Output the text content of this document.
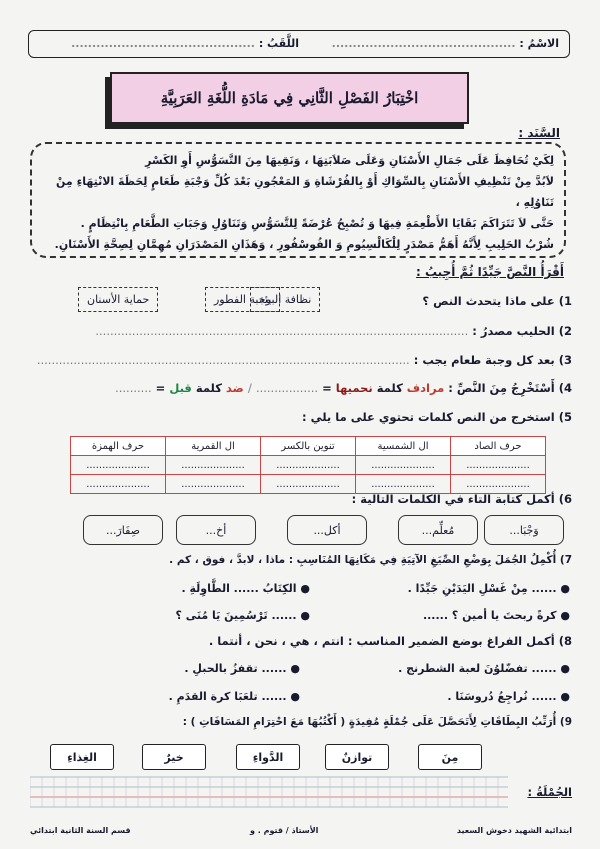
الاسْمُ : ............................................
اللَّقَبُ : ............................................
اخْتِبَارُ الفَصْلِ الثَّانِي فِي مَادَةِ اللُّغَةِ العَرَبِيَّةِ
السَّنَد :

لِكَيْ تُحَافِظَ عَلَى جَمَالِ الأَسْنَانِ وَعَلَى صَلاَبَتِهَا ، وَنَقِيهَا مِنَ التَّسَوُّسِ أَوِ الكَسْرِ

لاَبُدَّ مِنْ تَنْظِيفِ الأَسْنَانِ بِالسِّوَاكِ أَوْ بِالفُرْشَاةِ وَ المَعْجُونِ بَعْدَ كُلِّ وَجْبَةِ طَعَامٍ لِحَظَةَ الانْتِهَاءِ مِنْ تَنَاوُلِهِ ،

حَتَّى لاَ تَتَرَاكَمَ بَقَايَا الأَطْعِمَةِ فِيهَا وَ تُصْبِحُ عُرْضَةً لِلتَّسَوُّسِ وَتَنَاوُلِ وَجَبَاتِ الطَّعَامِ بِانْتِظَامٍ .

شُرْبُ الحَلِيبِ لِأَنَّهُ أَهَمُّ مَصْدَرٍ لِلْكَالْسِيُومِ وَ الفُوسْفُورِ ، وَهَذَانِ المَصْدَرَانِ مُهِمَّانِ لِصِحَّةِ الأَسْنَانِ.

أَقْرَأُ النَّصَّ جَيِّدًا ثُمَّ أُجِيبُ :
1) على ماذا يتحدث النص ؟
نظافة البيئة
وجبة الفطور
حماية الأسنان
2) الحليب مصدرُ : ......................................................................................................
3) بعد كل وجبة طعام يجب : ......................................................................................................
4) أَسْتَخْرِجُ مِنَ النَّصِّ : مرادف كلمة نحميها = ................. / ضد كلمة قبل = ..........
5) استخرج من النص كلمات تحتوي على ما يلي :
حرف الصاد	ال الشمسية	تنوين بالكسر	ال القمرية	حرف الهمزة
....................	....................	....................	....................	....................
....................	....................	....................	....................	....................
6) أكمل كتابة التاء في الكلمات التالية :
وَجْبَا...
مُعلِّم...
أكل...
أخ...
صِفَارَ...
7) أُكْمِلُ الجُمَلَ بِوَضْعِ الصِّيَغِ الآتِيَةِ فِي مَكَانِهَا المُنَاسِبِ : ماذا ، لابدَّ ، فوق ، كم .
● ...... مِنْ غَسْلِ اليَدَيْنِ جَيِّدًا .
● الكِتَابُ ...... الطَّاوِلَةِ .
● كرةً ربحتَ يا أمين ؟ ......
● ...... تَرْسُمِينَ يَا مُنَى ؟
8) أكمل الفراغ بوضع الضمير المناسب : انتم ، هي ، نحن ، أنتما .
● ...... تفضّلوُنَ لعبة الشطرنج .
● ...... تقفزُ بالحبلِ .
● ...... نُراجِعُ دُروسَنَا .
● ...... تلعَبَا كرة القدَمِ .
9) أُرَتِّبُ البِطَاقَاتِ لِأَتَحَصَّلَ عَلَى جُمْلَةٍ مُفِيدَةٍ ( أَكْتُبُهَا مَعَ احْتِرَامِ المَسَافَاتِ ) :
مِنَ
توازنٌ
الدَّواءِ
خيرٌ
الغِذاءِ
الجُمْلَةُ :
ابتدائية الشهيد دخوش السعيد
الأستاذ / قتوم . و
قسم السنة الثانية ابتدائي
